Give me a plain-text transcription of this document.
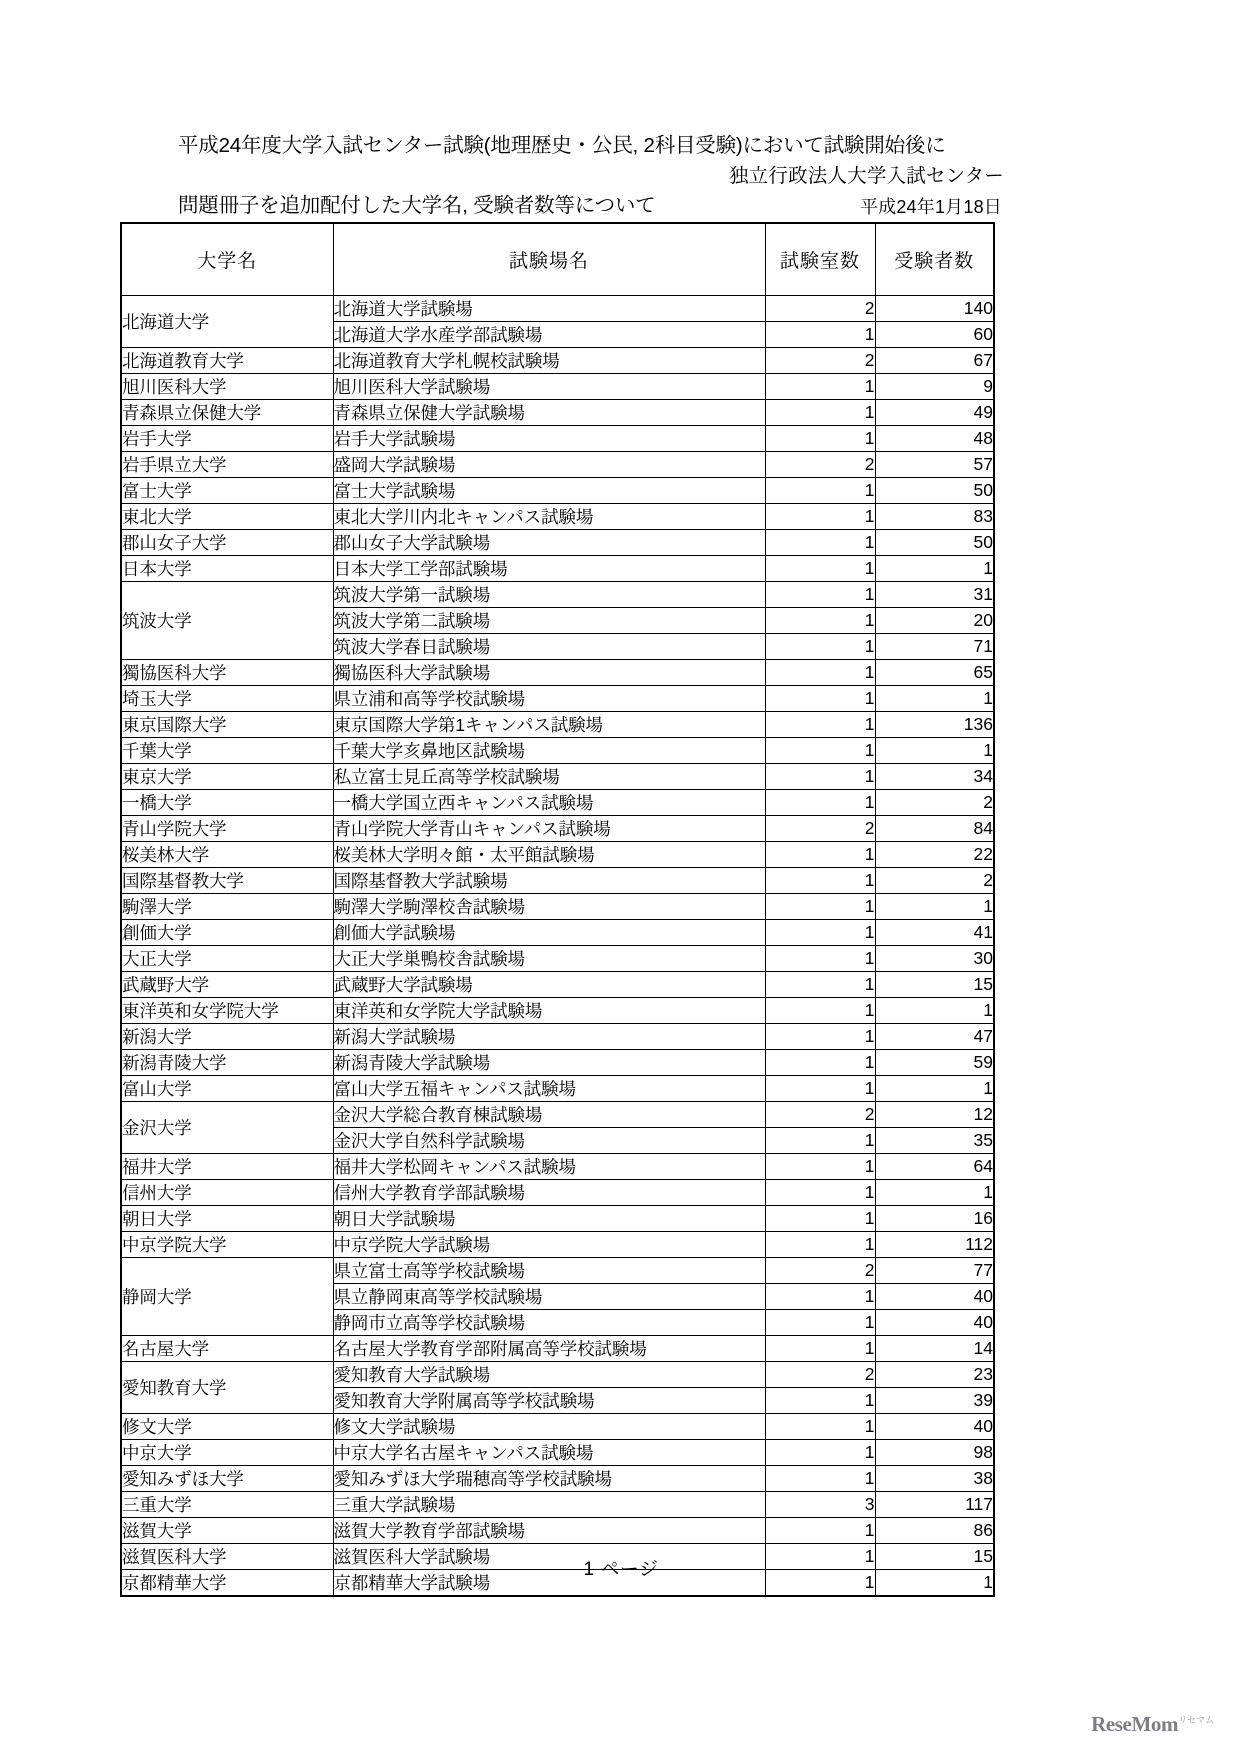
平成24年度大学入試センター試験(地理歴史・公民, 2科目受験)において試験開始後に

問題冊子を追加配付した大学名, 受験者数等について

独立行政法人大学入試センター
平成24年1月18日
大学名	試験場名	試験室数	受験者数
北海道大学	北海道大学試験場	2	140
	北海道大学水産学部試験場	1	60
北海道教育大学	北海道教育大学札幌校試験場	2	67
旭川医科大学	旭川医科大学試験場	1	9
青森県立保健大学	青森県立保健大学試験場	1	49
岩手大学	岩手大学試験場	1	48
岩手県立大学	盛岡大学試験場	2	57
富士大学	富士大学試験場	1	50
東北大学	東北大学川内北キャンパス試験場	1	83
郡山女子大学	郡山女子大学試験場	1	50
日本大学	日本大学工学部試験場	1	1
筑波大学	筑波大学第一試験場	1	31
	筑波大学第二試験場	1	20
	筑波大学春日試験場	1	71
獨協医科大学	獨協医科大学試験場	1	65
埼玉大学	県立浦和高等学校試験場	1	1
東京国際大学	東京国際大学第1キャンパス試験場	1	136
千葉大学	千葉大学亥鼻地区試験場	1	1
東京大学	私立富士見丘高等学校試験場	1	34
一橋大学	一橋大学国立西キャンパス試験場	1	2
青山学院大学	青山学院大学青山キャンパス試験場	2	84
桜美林大学	桜美林大学明々館・太平館試験場	1	22
国際基督教大学	国際基督教大学試験場	1	2
駒澤大学	駒澤大学駒澤校舎試験場	1	1
創価大学	創価大学試験場	1	41
大正大学	大正大学巣鴨校舎試験場	1	30
武蔵野大学	武蔵野大学試験場	1	15
東洋英和女学院大学	東洋英和女学院大学試験場	1	1
新潟大学	新潟大学試験場	1	47
新潟青陵大学	新潟青陵大学試験場	1	59
富山大学	富山大学五福キャンパス試験場	1	1
金沢大学	金沢大学総合教育棟試験場	2	12
	金沢大学自然科学試験場	1	35
福井大学	福井大学松岡キャンパス試験場	1	64
信州大学	信州大学教育学部試験場	1	1
朝日大学	朝日大学試験場	1	16
中京学院大学	中京学院大学試験場	1	112
静岡大学	県立富士高等学校試験場	2	77
	県立静岡東高等学校試験場	1	40
	静岡市立高等学校試験場	1	40
名古屋大学	名古屋大学教育学部附属高等学校試験場	1	14
愛知教育大学	愛知教育大学試験場	2	23
	愛知教育大学附属高等学校試験場	1	39
修文大学	修文大学試験場	1	40
中京大学	中京大学名古屋キャンパス試験場	1	98
愛知みずほ大学	愛知みずほ大学瑞穂高等学校試験場	1	38
三重大学	三重大学試験場	3	117
滋賀大学	滋賀大学教育学部試験場	1	86
滋賀医科大学	滋賀医科大学試験場	1	15
京都精華大学	京都精華大学試験場	1	1
1 ページ
ReseMom$^{リセマム}$
